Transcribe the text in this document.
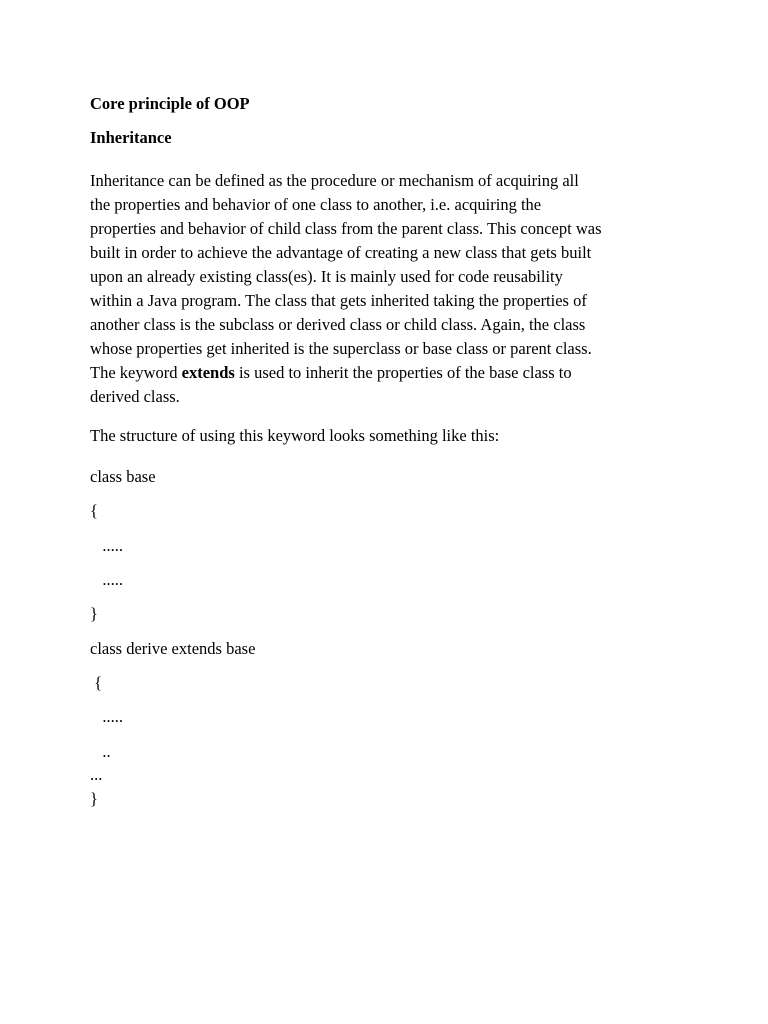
Core principle of OOP
Inheritance
Inheritance can be defined as the procedure or mechanism of acquiring all
the properties and behavior of one class to another, i.e. acquiring the
properties and behavior of child class from the parent class. This concept was
built in order to achieve the advantage of creating a new class that gets built
upon an already existing class(es). It is mainly used for code reusability
within a Java program. The class that gets inherited taking the properties of
another class is the subclass or derived class or child class. Again, the class
whose properties get inherited is the superclass or base class or parent class.
The keyword extends is used to inherit the properties of the base class to
derived class.
The structure of using this keyword looks something like this:
class base
{
.....
.....
}
class derive extends base
{
.....
..
...
}
